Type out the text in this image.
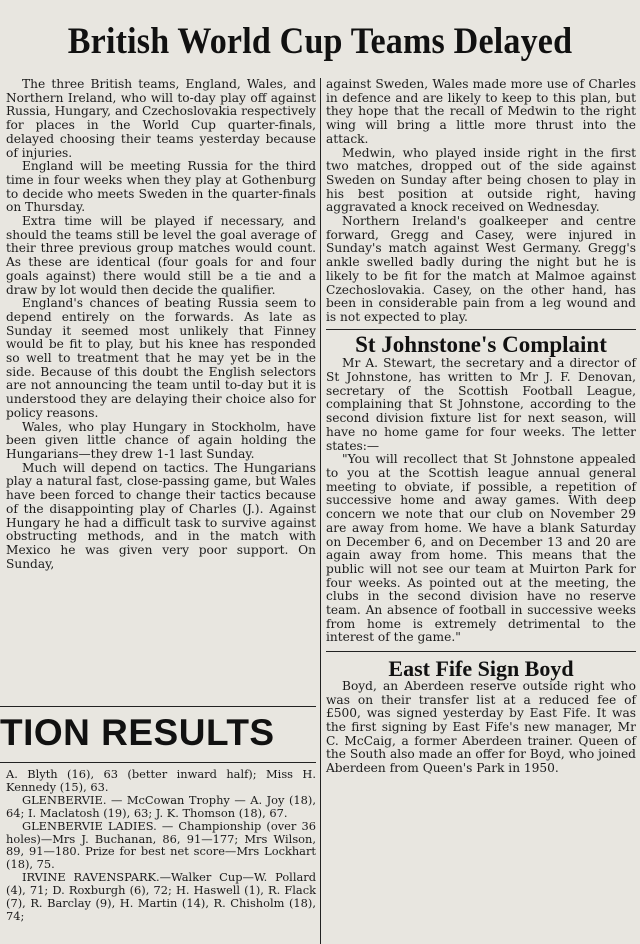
British World Cup Teams Delayed

The three British teams, England, Wales, and Northern Ireland, who will to-day play off against Russia, Hungary, and Czechoslovakia respectively for places in the World Cup quarter-finals, delayed choosing their teams yesterday because of injuries.

England will be meeting Russia for the third time in four weeks when they play at Gothenburg to decide who meets Sweden in the quarter-finals on Thursday.

Extra time will be played if necessary, and should the teams still be level the goal average of their three previous group matches would count. As these are identical (four goals for and four goals against) there would still be a tie and a draw by lot would then decide the qualifier.

England's chances of beating Russia seem to depend entirely on the forwards. As late as Sunday it seemed most unlikely that Finney would be fit to play, but his knee has responded so well to treatment that he may yet be in the side. Because of this doubt the English selectors are not announcing the team until to-day but it is understood they are delaying their choice also for policy reasons.

Wales, who play Hungary in Stockholm, have been given little chance of again holding the Hungarians—they drew 1-1 last Sunday.

Much will depend on tactics. The Hungarians play a natural fast, close-passing game, but Wales have been forced to change their tactics because of the disappointing play of Charles (J.). Against Hungary he had a difficult task to survive against obstructing methods, and in the match with Mexico he was given very poor support. On Sunday,

against Sweden, Wales made more use of Charles in defence and are likely to keep to this plan, but they hope that the recall of Medwin to the right wing will bring a little more thrust into the attack.

Medwin, who played inside right in the first two matches, dropped out of the side against Sweden on Sunday after being chosen to play in his best position at outside right, having aggravated a knock received on Wednesday.

Northern Ireland's goalkeeper and centre forward, Gregg and Casey, were injured in Sunday's match against West Germany. Gregg's ankle swelled badly during the night but he is likely to be fit for the match at Malmoe against Czechoslovakia. Casey, on the other hand, has been in considerable pain from a leg wound and is not expected to play.

St Johnstone's Complaint

Mr A. Stewart, the secretary and a director of St Johnstone, has written to Mr J. F. Denovan, secretary of the Scottish Football League, complaining that St Johnstone, according to the second division fixture list for next season, will have no home game for four weeks. The letter states:—

"You will recollect that St Johnstone appealed to you at the Scottish league annual general meeting to obviate, if possible, a repetition of successive home and away games. With deep concern we note that our club on November 29 are away from home. We have a blank Saturday on December 6, and on December 13 and 20 are again away from home. This means that the public will not see our team at Muirton Park for four weeks. As pointed out at the meeting, the clubs in the second division have no reserve team. An absence of football in successive weeks from home is extremely detrimental to the interest of the game."

East Fife Sign Boyd

Boyd, an Aberdeen reserve outside right who was on their transfer list at a reduced fee of £500, was signed yesterday by East Fife. It was the first signing by East Fife's new manager, Mr C. McCaig, a former Aberdeen trainer. Queen of the South also made an offer for Boyd, who joined Aberdeen from Queen's Park in 1950.

TION RESULTS

A. Blyth (16), 63 (better inward half); Miss H. Kennedy (15), 63.

GLENBERVIE. — McCowan Trophy — A. Joy (18), 64; I. Maclatosh (19), 63; J. K. Thomson (18), 67.

GLENBERVIE LADIES. — Championship (over 36 holes)—Mrs J. Buchanan, 86, 91—177; Mrs Wilson, 89, 91—180. Prize for best net score—Mrs Lockhart (18), 75.

IRVINE RAVENSPARK.—Walker Cup—W. Pollard (4), 71; D. Roxburgh (6), 72; H. Haswell (1), R. Flack (7), R. Barclay (9), H. Martin (14), R. Chisholm (18), 74;
